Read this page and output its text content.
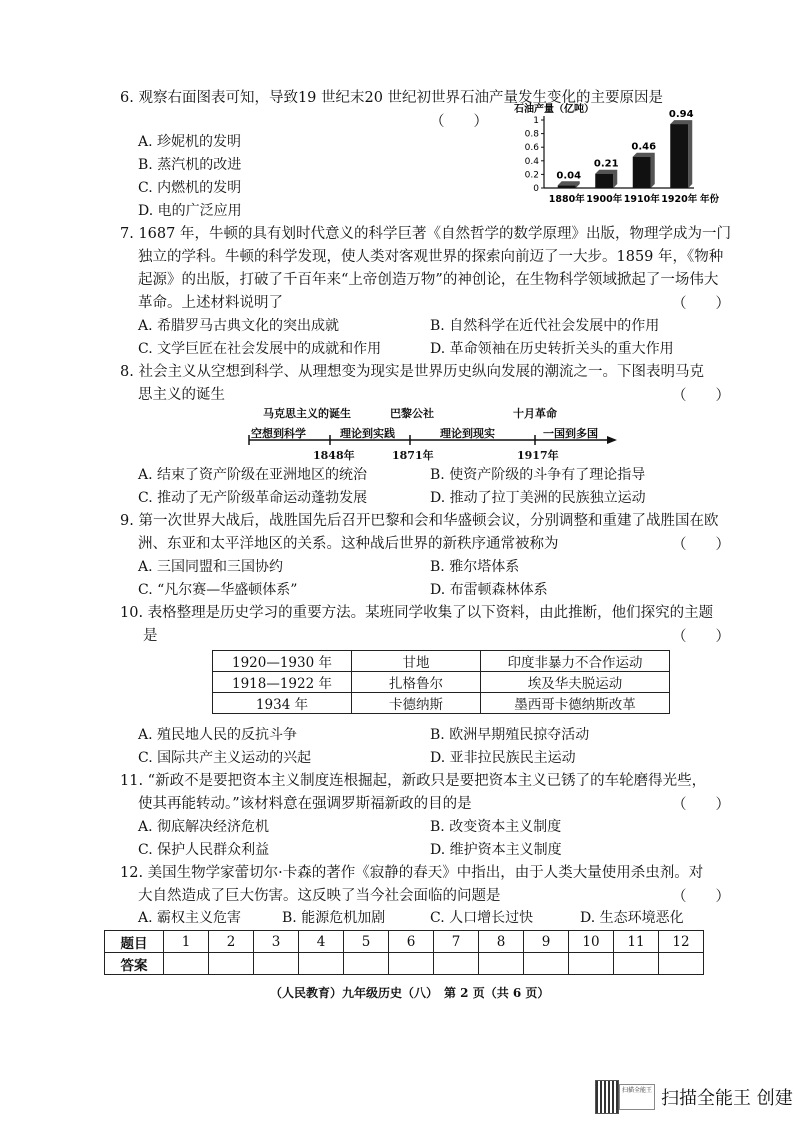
6. 观察右面图表可知，导致19 世纪末20 世纪初世界石油产量发生变化的主要原因是
（　　）
A. 珍妮机的发明
B. 蒸汽机的改进
C. 内燃机的发明
D. 电的广泛应用
石油产量（亿吨）
0
0.2
0.4
0.6
0.8
1
0.04
0.21
0.46
0.94
1880年 1900年 1910年 1920年 年份
7. 1687 年，牛顿的具有划时代意义的科学巨著《自然哲学的数学原理》出版，物理学成为一门
独立的学科。牛顿的科学发现，使人类对客观世界的探索向前迈了一大步。1859 年，《物种
起源》的出版，打破了千百年来“上帝创造万物”的神创论，在生物科学领域掀起了一场伟大
革命。上述材料说明了	（　　）
A. 希腊罗马古典文化的突出成就	B. 自然科学在近代社会发展中的作用
C. 文学巨匠在社会发展中的成就和作用	D. 革命领袖在历史转折关头的重大作用
8. 社会主义从空想到科学、从理想变为现实是世界历史纵向发展的潮流之一。下图表明马克
思主义的诞生	（　　）
马克思主义的诞生	巴黎公社	十月革命
空想到科学	理论到实践	理论到现实	一国到多国
1848年	1871年	1917年
A. 结束了资产阶级在亚洲地区的统治	B. 使资产阶级的斗争有了理论指导
C. 推动了无产阶级革命运动蓬勃发展	D. 推动了拉丁美洲的民族独立运动
9. 第一次世界大战后，战胜国先后召开巴黎和会和华盛顿会议，分别调整和重建了战胜国在欧
洲、东亚和太平洋地区的关系。这种战后世界的新秩序通常被称为	（　　）
A. 三国同盟和三国协约	B. 雅尔塔体系
C. “凡尔赛—华盛顿体系”	D. 布雷顿森林体系
10. 表格整理是历史学习的重要方法。某班同学收集了以下资料，由此推断，他们探究的主题
是	（　　）
1920—1930 年	甘地	印度非暴力不合作运动
1918—1922 年	扎格鲁尔	埃及华夫脱运动
1934 年	卡德纳斯	墨西哥卡德纳斯改革
A. 殖民地人民的反抗斗争	B. 欧洲早期殖民掠夺活动
C. 国际共产主义运动的兴起	D. 亚非拉民族民主运动
11. “新政不是要把资本主义制度连根掘起，新政只是要把资本主义已锈了的车轮磨得光些，
使其再能转动。”该材料意在强调罗斯福新政的目的是	（　　）
A. 彻底解决经济危机	B. 改变资本主义制度
C. 保护人民群众利益	D. 维护资本主义制度
12. 美国生物学家蕾切尔·卡森的著作《寂静的春天》中指出，由于人类大量使用杀虫剂。对
大自然造成了巨大伤害。这反映了当今社会面临的问题是	（　　）
A. 霸权主义危害	B. 能源危机加剧	C. 人口增长过快	D. 生态环境恶化
题目	1	2	3	4	5	6	7	8	9	10	11	12
答案												
（人民教育）九年级历史（八）　第 2 页（共 6 页）
扫描全能王 扫描全能王 创建
